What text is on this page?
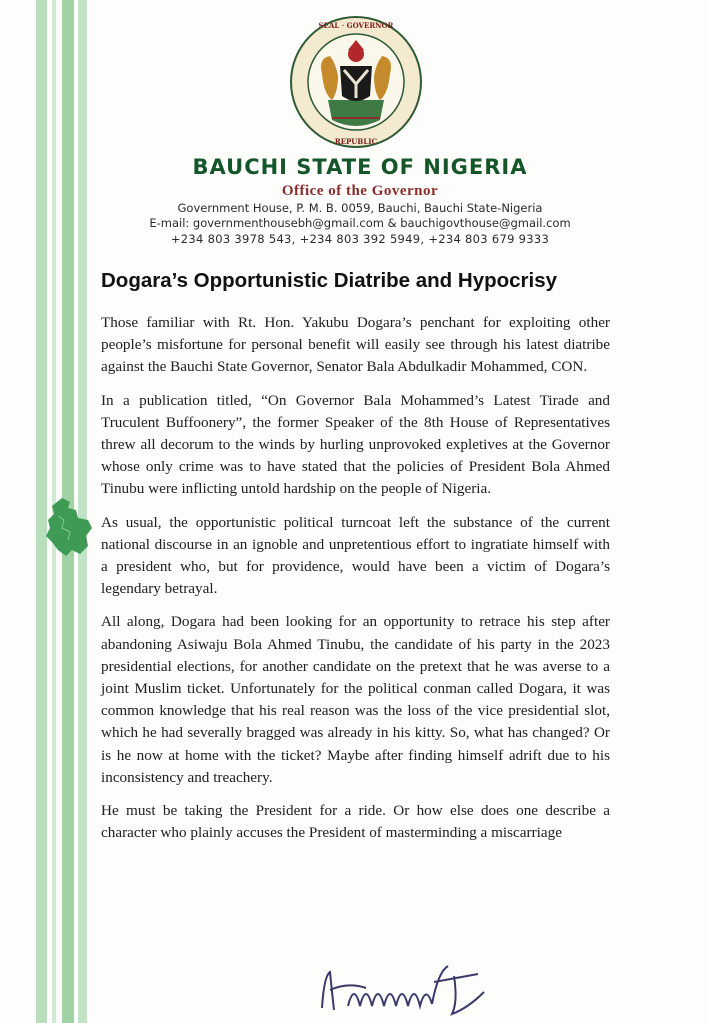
SEAL · GOVERNOR
REPUBLIC
BAUCHI STATE OF NIGERIA
Office of the Governor
Government House, P. M. B. 0059, Bauchi, Bauchi State-Nigeria
E-mail: governmenthousebh@gmail.com & bauchigovthouse@gmail.com
+234 803 3978 543, +234 803 392 5949, +234 803 679 9333
Dogara’s Opportunistic Diatribe and Hypocrisy

Those familiar with Rt. Hon. Yakubu Dogara’s penchant for exploiting other people’s misfortune for personal benefit will easily see through his latest diatribe against the Bauchi State Governor, Senator Bala Abdulkadir Mohammed, CON.

In a publication titled, “On Governor Bala Mohammed’s Latest Tirade and Truculent Buffoonery”, the former Speaker of the 8th House of Representatives threw all decorum to the winds by hurling unprovoked expletives at the Governor whose only crime was to have stated that the policies of President Bola Ahmed Tinubu were inflicting untold hardship on the people of Nigeria.

As usual, the opportunistic political turncoat left the substance of the current national discourse in an ignoble and unpretentious effort to ingratiate himself with a president who, but for providence, would have been a victim of Dogara’s legendary betrayal.

All along, Dogara had been looking for an opportunity to retrace his step after abandoning Asiwaju Bola Ahmed Tinubu, the candidate of his party in the 2023 presidential elections, for another candidate on the pretext that he was averse to a joint Muslim ticket. Unfortunately for the political conman called Dogara, it was common knowledge that his real reason was the loss of the vice presidential slot, which he had severally bragged was already in his kitty. So, what has changed? Or is he now at home with the ticket? Maybe after finding himself adrift due to his inconsistency and treachery.

He must be taking the President for a ride. Or how else does one describe a character who plainly accuses the President of masterminding a miscarriage
